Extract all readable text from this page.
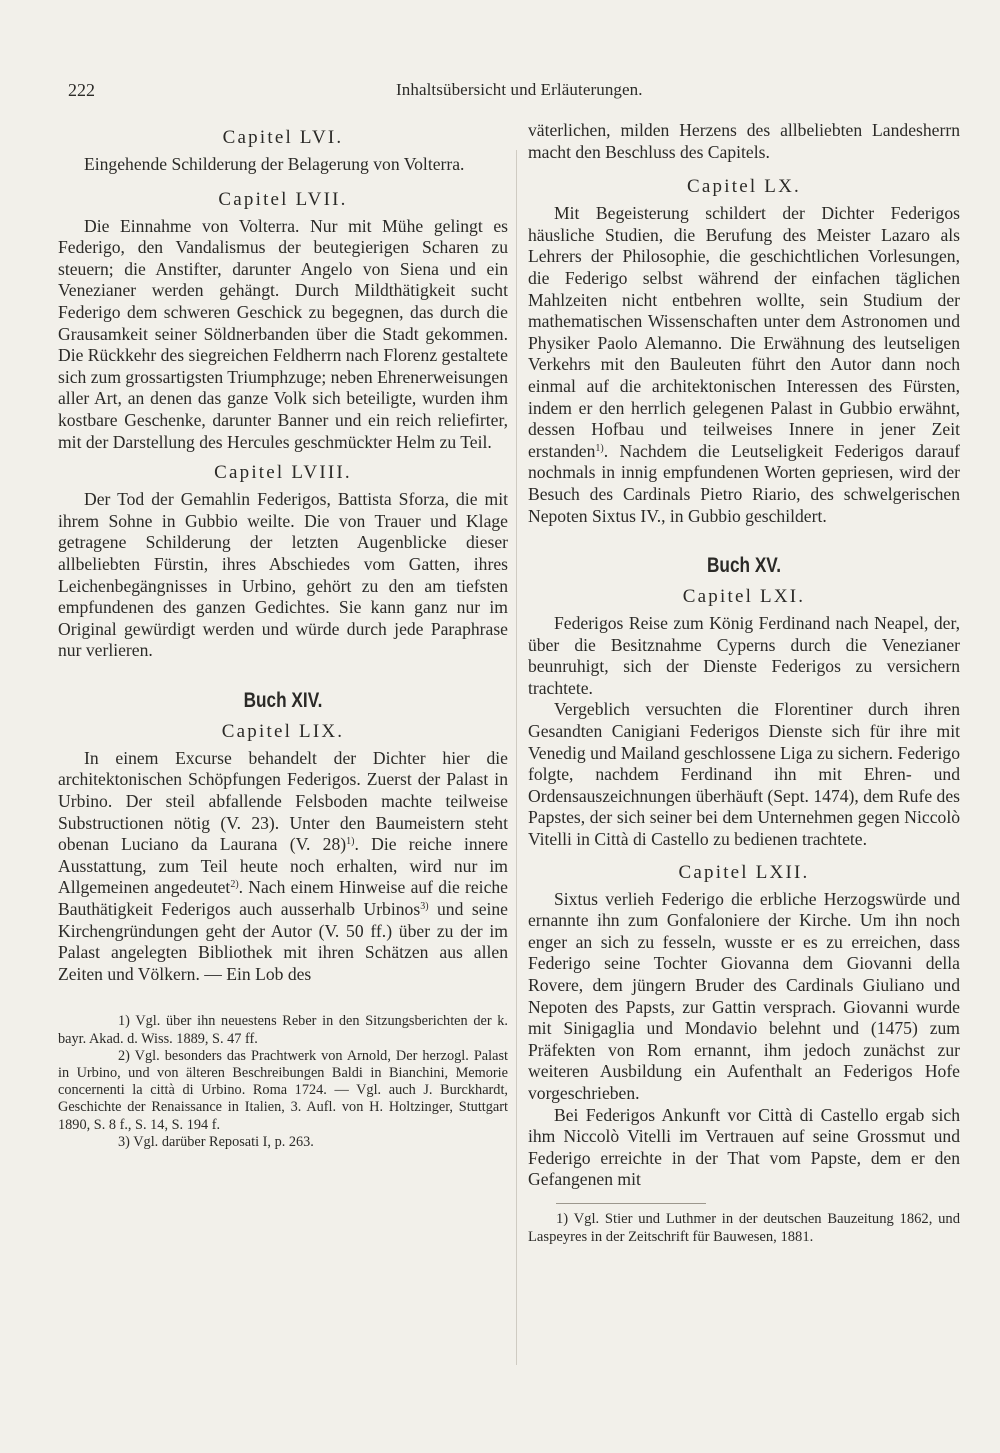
222	Inhaltsübersicht und Erläuterungen.
Capitel LVI.

Eingehende Schilderung der Belagerung von Volterra.

Capitel LVII.

Die Einnahme von Volterra. Nur mit Mühe gelingt es Federigo, den Vandalismus der beutegierigen Scharen zu steuern; die Anstifter, darunter Angelo von Siena und ein Venezianer werden gehängt. Durch Mildthätigkeit sucht Federigo dem schweren Geschick zu begegnen, das durch die Grausamkeit seiner Söldnerbanden über die Stadt gekommen. Die Rückkehr des siegreichen Feldherrn nach Florenz gestaltete sich zum grossartigsten Triumphzuge; neben Ehrenerweisungen aller Art, an denen das ganze Volk sich beteiligte, wurden ihm kostbare Geschenke, darunter Banner und ein reich reliefirter, mit der Darstellung des Hercules geschmückter Helm zu Teil.

Capitel LVIII.

Der Tod der Gemahlin Federigos, Battista Sforza, die mit ihrem Sohne in Gubbio weilte. Die von Trauer und Klage getragene Schilderung der letzten Augenblicke dieser allbeliebten Fürstin, ihres Abschiedes vom Gatten, ihres Leichenbegängnisses in Urbino, gehört zu den am tiefsten empfundenen des ganzen Gedichtes. Sie kann ganz nur im Original gewürdigt werden und würde durch jede Paraphrase nur verlieren.

Buch XIV.
Capitel LIX.

In einem Excurse behandelt der Dichter hier die architektonischen Schöpfungen Federigos. Zuerst der Palast in Urbino. Der steil abfallende Felsboden machte teilweise Substructionen nötig (V. 23). Unter den Baumeistern steht obenan Luciano da Laurana (V. 28)$^{1)}$. Die reiche innere Ausstattung, zum Teil heute noch erhalten, wird nur im Allgemeinen angedeutet$^{2)}$. Nach einem Hinweise auf die reiche Bauthätigkeit Federigos auch ausserhalb Urbinos$^{3)}$ und seine Kirchengründungen geht der Autor (V. 50 ff.) über zu der im Palast angelegten Bibliothek mit ihren Schätzen aus allen Zeiten und Völkern. — Ein Lob des

1) Vgl. über ihn neuestens Reber in den Sitzungsberichten der k. bayr. Akad. d. Wiss. 1889, S. 47 ff.

2) Vgl. besonders das Prachtwerk von Arnold, Der herzogl. Palast in Urbino, und von älteren Beschreibungen Baldi in Bianchini, Memorie concernenti la città di Urbino. Roma 1724. — Vgl. auch J. Burckhardt, Geschichte der Renaissance in Italien, 3. Aufl. von H. Holtzinger, Stuttgart 1890, S. 8 f., S. 14, S. 194 f.

3) Vgl. darüber Reposati I, p. 263.

väterlichen, milden Herzens des allbeliebten Landesherrn macht den Beschluss des Capitels.

Capitel LX.

Mit Begeisterung schildert der Dichter Federigos häusliche Studien, die Berufung des Meister Lazaro als Lehrers der Philosophie, die geschichtlichen Vorlesungen, die Federigo selbst während der einfachen täglichen Mahlzeiten nicht entbehren wollte, sein Studium der mathematischen Wissenschaften unter dem Astronomen und Physiker Paolo Alemanno. Die Erwähnung des leutseligen Verkehrs mit den Bauleuten führt den Autor dann noch einmal auf die architektonischen Interessen des Fürsten, indem er den herrlich gelegenen Palast in Gubbio erwähnt, dessen Hofbau und teilweises Innere in jener Zeit erstanden$^{1)}$. Nachdem die Leutseligkeit Federigos darauf nochmals in innig empfundenen Worten gepriesen, wird der Besuch des Cardinals Pietro Riario, des schwelgerischen Nepoten Sixtus IV., in Gubbio geschildert.

Buch XV.
Capitel LXI.

Federigos Reise zum König Ferdinand nach Neapel, der, über die Besitznahme Cyperns durch die Venezianer beunruhigt, sich der Dienste Federigos zu versichern trachtete.

Vergeblich versuchten die Florentiner durch ihren Gesandten Canigiani Federigos Dienste sich für ihre mit Venedig und Mailand geschlossene Liga zu sichern. Federigo folgte, nachdem Ferdinand ihn mit Ehren- und Ordensauszeichnungen überhäuft (Sept. 1474), dem Rufe des Papstes, der sich seiner bei dem Unternehmen gegen Niccolò Vitelli in Città di Castello zu bedienen trachtete.

Capitel LXII.

Sixtus verlieh Federigo die erbliche Herzogswürde und ernannte ihn zum Gonfaloniere der Kirche. Um ihn noch enger an sich zu fesseln, wusste er es zu erreichen, dass Federigo seine Tochter Giovanna dem Giovanni della Rovere, dem jüngern Bruder des Cardinals Giuliano und Nepoten des Papsts, zur Gattin versprach. Giovanni wurde mit Sinigaglia und Mondavio belehnt und (1475) zum Präfekten von Rom ernannt, ihm jedoch zunächst zur weiteren Ausbildung ein Aufenthalt an Federigos Hofe vorgeschrieben.

Bei Federigos Ankunft vor Città di Castello ergab sich ihm Niccolò Vitelli im Vertrauen auf seine Grossmut und Federigo erreichte in der That vom Papste, dem er den Gefangenen mit

1) Vgl. Stier und Luthmer in der deutschen Bauzeitung 1862, und Laspeyres in der Zeitschrift für Bauwesen, 1881.
